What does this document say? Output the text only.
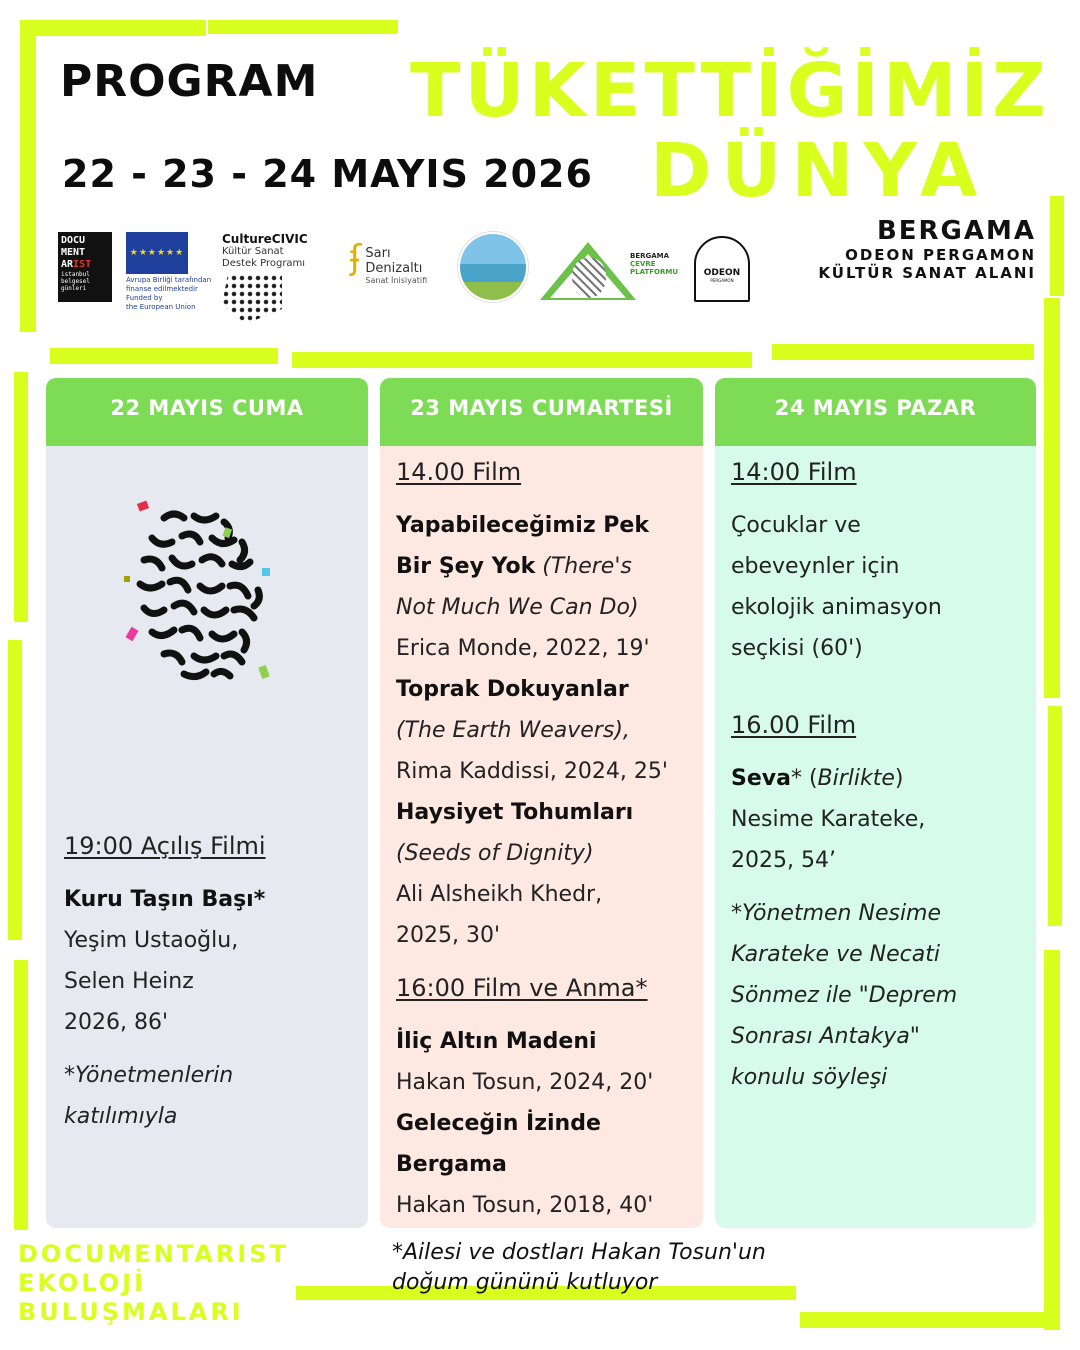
PROGRAM
22 - 23 - 24 MAYIS 2026
TÜKETTİĞİMİZ
DÜNYA
DOCU
MENT
ARIST
istanbul
belgesel
günleri
★★★★★★
Avrupa Birliği tarafından
finanse edilmektedir
Funded by
the European Union
CultureCIVIC
Kültür Sanat
Destek Programı	ʄ Sarı Denizaltı
Sanat İnisiyatifi
BERGAMA
ÇEVRE
PLATFORMU	ODEON
PERGAMON
BERGAMA
ODEON PERGAMON
KÜLTÜR SANAT ALANI
22 MAYIS CUMA
19:00 Açılış Filmi
Kuru Taşın Başı*
Yeşim Ustaoğlu,
Selen Heinz
2026, 86'
*Yönetmenlerin
katılımıyla
23 MAYIS CUMARTESİ
14.00 Film
Yapabileceğimiz Pek
Bir Şey Yok (There's
Not Much We Can Do)
Erica Monde, 2022, 19'
Toprak Dokuyanlar
(The Earth Weavers),
Rima Kaddissi, 2024, 25'
Haysiyet Tohumları
(Seeds of Dignity)
Ali Alsheikh Khedr,
2025, 30'
16:00 Film ve Anma*
İliç Altın Madeni
Hakan Tosun, 2024, 20'
Geleceğin İzinde
Bergama
Hakan Tosun, 2018, 40'
24 MAYIS PAZAR
14:00 Film
Çocuklar ve
ebeveynler için
ekolojik animasyon
seçkisi (60')
16.00 Film
Seva* (Birlikte)
Nesime Karateke,
2025, 54’
*Yönetmen Nesime
Karateke ve Necati
Sönmez ile "Deprem
Sonrası Antakya"
konulu söyleşi
DOCUMENTARIST
EKOLOJİ
BULUŞMALARI
*Ailesi ve dostları Hakan Tosun'un
doğum gününü kutluyor
